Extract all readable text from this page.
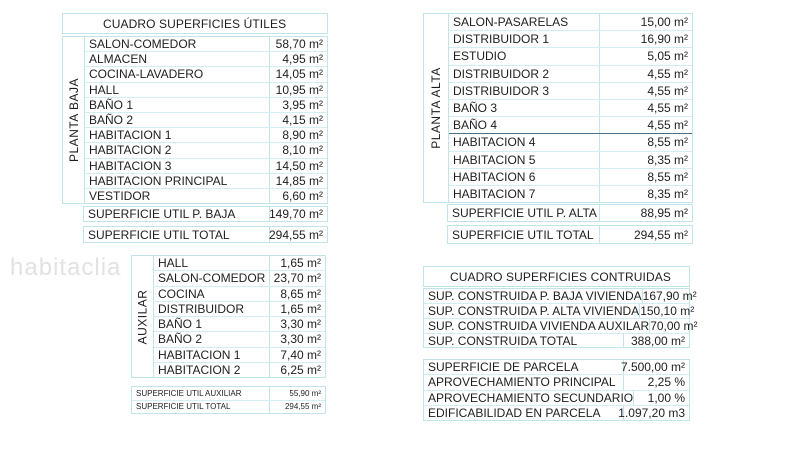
habitaclia
CUADRO SUPERFICIES ÚTILES
PLANTA BAJA
SALON-COMEDOR	58,70 m²
ALMACEN	4,95 m²
COCINA-LAVADERO	14,05 m²
HALL	10,95 m²
BAÑO 1	3,95 m²
BAÑO 2	4,15 m²
HABITACION 1	8,90 m²
HABITACION 2	8,10 m²
HABITACION 3	14,50 m²
HABITACION PRINCIPAL	14,85 m²
VESTIDOR	6,60 m²
SUPERFICIE UTIL P. BAJA	149,70 m²
SUPERFICIE UTIL TOTAL	294,55 m²
PLANTA ALTA
SALON-PASARELAS	15,00 m²
DISTRIBUIDOR 1	16,90 m²
ESTUDIO	5,05 m²
DISTRIBUIDOR 2	4,55 m²
DISTRIBUIDOR 3	4,55 m²
BAÑO 3	4,55 m²
BAÑO 4	4,55 m²
HABITACION 4	8,55 m²
HABITACION 5	8,35 m²
HABITACION 6	8,55 m²
HABITACION 7	8,35 m²
SUPERFICIE UTIL P. ALTA	88,95 m²
SUPERFICIE UTIL TOTAL	294,55 m²
AUXILAR
HALL	1,65 m²
SALON-COMEDOR 23,70 m²
COCINA	8,65 m²
DISTRIBUIDOR	1,65 m²
BAÑO 1	3,30 m²
BAÑO 2	3,30 m²
HABITACION 1	7,40 m²
HABITACION 2	6,25 m²
SUPERFICIE UTIL AUXILIAR	55,90 m²
SUPERFICIE UTIL TOTAL	294,55 m²
CUADRO SUPERFICIES CONTRUIDAS
SUP. CONSTRUIDA P. BAJA VIVIENDA 167,90 m²
SUP. CONSTRUIDA P. ALTA VIVIENDA 150,10 m²
SUP. CONSTRUIDA VIVIENDA AUXILAR 70,00 m²
SUP. CONSTRUIDA TOTAL	388,00 m²
SUPERFICIE DE PARCELA	7.500,00 m²
APROVECHAMIENTO PRINCIPAL	2,25 %
APROVECHAMIENTO SECUNDARIO	1,00 %
EDIFICABILIDAD EN PARCELA	1.097,20 m3
